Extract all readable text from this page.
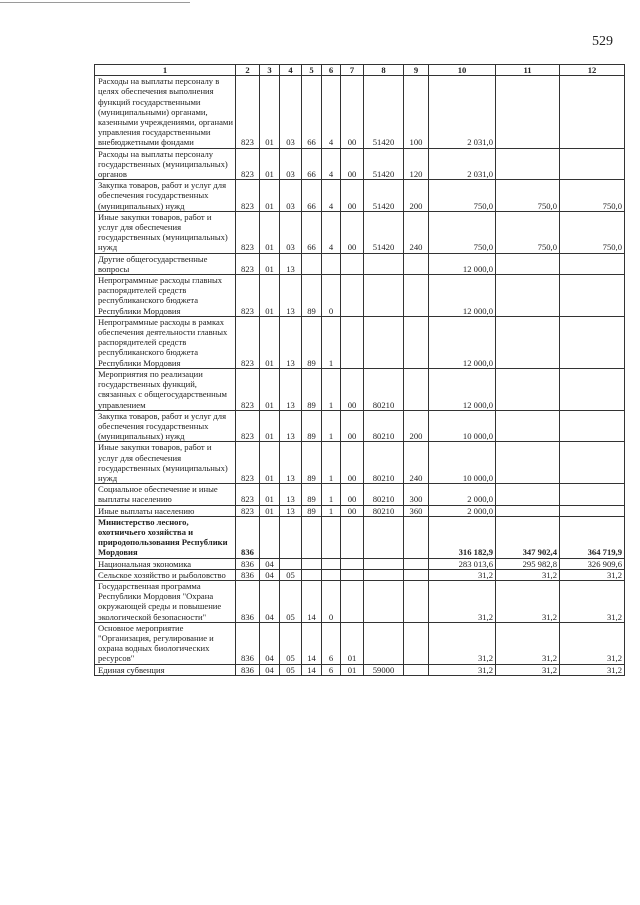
529
1	2	3	4	5	6	7	8	9	10	11	12
Расходы на выплаты персоналу в целях обеспечения выполнения функций государственными (муниципальными) органами, казенными учреждениями, органами управления государственными внебюджетными фондами	823	01	03	66	4	00	51420	100	2 031,0		
Расходы на выплаты персоналу государственных (муниципальных) органов	823	01	03	66	4	00	51420	120	2 031,0		
Закупка товаров, работ и услуг для обеспечения государственных (муниципальных) нужд	823	01	03	66	4	00	51420	200	750,0	750,0	750,0
Иные закупки товаров, работ и услуг для обеспечения государственных (муниципальных) нужд	823	01	03	66	4	00	51420	240	750,0	750,0	750,0
Другие общегосударственные вопросы	823	01	13						12 000,0		
Непрограммные расходы главных распорядителей средств республиканского бюджета Республики Мордовия	823	01	13	89	0				12 000,0		
Непрограммные расходы в рамках обеспечения деятельности главных распорядителей средств республиканского бюджета Республики Мордовия	823	01	13	89	1				12 000,0		
Мероприятия по реализации государственных функций, связанных с общегосударственным управлением	823	01	13	89	1	00	80210		12 000,0		
Закупка товаров, работ и услуг для обеспечения государственных (муниципальных) нужд	823	01	13	89	1	00	80210	200	10 000,0		
Иные закупки товаров, работ и услуг для обеспечения государственных (муниципальных) нужд	823	01	13	89	1	00	80210	240	10 000,0		
Социальное обеспечение и иные выплаты населению	823	01	13	89	1	00	80210	300	2 000,0		
Иные выплаты населению	823	01	13	89	1	00	80210	360	2 000,0		
Министерство лесного, охотничьего хозяйства и природопользования Республики Мордовия	836								316 182,9	347 902,4	364 719,9
Национальная экономика	836	04							283 013,6	295 982,8	326 909,6
Сельское хозяйство и рыболовство	836	04	05						31,2	31,2	31,2
Государственная программа Республики Мордовия "Охрана окружающей среды и повышение экологической безопасности"	836	04	05	14	0				31,2	31,2	31,2
Основное мероприятие "Организация, регулирование и охрана водных биологических ресурсов"	836	04	05	14	6	01			31,2	31,2	31,2
Единая субвенция	836	04	05	14	6	01	59000		31,2	31,2	31,2
